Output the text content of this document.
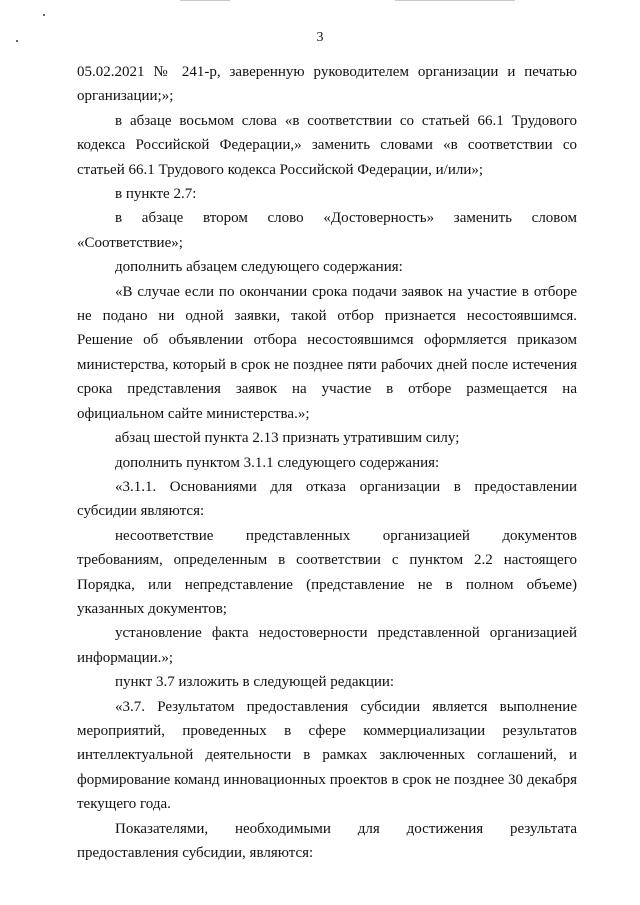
3

05.02.2021 № 241-р, заверенную руководителем организации и печатью организации;»;

в абзаце восьмом слова «в соответствии со статьей 66.1 Трудового кодекса Российской Федерации,» заменить словами «в соответствии со статьей 66.1 Трудового кодекса Российской Федерации, и/или»;

в пункте 2.7:

в абзаце втором слово «Достоверность» заменить словом «Соответствие»;

дополнить абзацем следующего содержания:

«В случае если по окончании срока подачи заявок на участие в отборе не подано ни одной заявки, такой отбор признается несостоявшимся. Решение об объявлении отбора несостоявшимся оформляется приказом министерства, который в срок не позднее пяти рабочих дней после истечения срока представления заявок на участие в отборе размещается на официальном сайте министерства.»;

абзац шестой пункта 2.13 признать утратившим силу;

дополнить пунктом 3.1.1 следующего содержания:

«3.1.1. Основаниями для отказа организации в предоставлении субсидии являются:

несоответствие представленных организацией документов требованиям, определенным в соответствии с пунктом 2.2 настоящего Порядка, или непредставление (представление не в полном объеме) указанных документов;

установление факта недостоверности представленной организацией информации.»;

пункт 3.7 изложить в следующей редакции:

«3.7. Результатом предоставления субсидии является выполнение мероприятий, проведенных в сфере коммерциализации результатов интеллектуальной деятельности в рамках заключенных соглашений, и формирование команд инновационных проектов в срок не позднее 30 декабря текущего года.

Показателями, необходимыми для достижения результата предоставления субсидии, являются:
